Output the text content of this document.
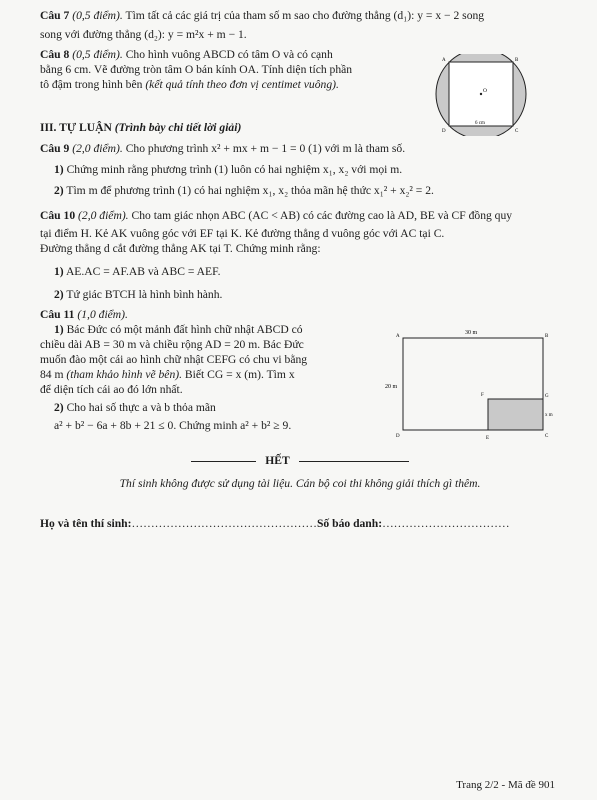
Câu 7 (0,5 điểm). Tìm tất cả các giá trị của tham số m sao cho đường thẳng (d₁): y = x − 2 song

song với đường thẳng (d₂): y = m²x + m − 1.

Câu 8 (0,5 điểm). Cho hình vuông ABCD có tâm O và có cạnh

bằng 6 cm. Vẽ đường tròn tâm O bán kính OA. Tính diện tích phần

tô đậm trong hình bên (kết quả tính theo đơn vị centimet vuông).

A	B
C
D
O
6 cm

III. TỰ LUẬN (Trình bày chi tiết lời giải)

Câu 9 (2,0 điểm). Cho phương trình x² + mx + m − 1 = 0 (1) với m là tham số.

1) Chứng minh rằng phương trình (1) luôn có hai nghiệm x₁, x₂ với mọi m.

2) Tìm m để phương trình (1) có hai nghiệm x₁, x₂ thỏa mãn hệ thức x₁² + x₂² = 2.

Câu 10 (2,0 điểm). Cho tam giác nhọn ABC (AC < AB) có các đường cao là AD, BE và CF đồng quy

tại điểm H. Kẻ AK vuông góc với EF tại K. Kẻ đường thẳng d vuông góc với AC tại C.

Đường thẳng d cắt đường thẳng AK tại T. Chứng minh rằng:

1) AE.AC = AF.AB và ABC = AEF.

2) Tứ giác BTCH là hình bình hành.

Câu 11 (1,0 điểm).

1) Bác Đức có một mảnh đất hình chữ nhật ABCD có

chiều dài AB = 30 m và chiều rộng AD = 20 m. Bác Đức

muốn đào một cái ao hình chữ nhật CEFG có chu vi bằng

84 m (tham khảo hình vẽ bên). Biết CG = x (m). Tìm x

để diện tích cái ao đó lớn nhất.

2) Cho hai số thực a và b thỏa mãn

a² + b² − 6a + 8b + 21 ≤ 0. Chứng minh a² + b² ≥ 9.

A	B
C
D	E
F	G
30 m
20 m
x m
HẾT
Thí sinh không được sử dụng tài liệu. Cán bộ coi thi không giải thích gì thêm.
Họ và tên thí sinh:…………………………………………Số báo danh:……………………………
Trang 2/2 - Mã đề 901
